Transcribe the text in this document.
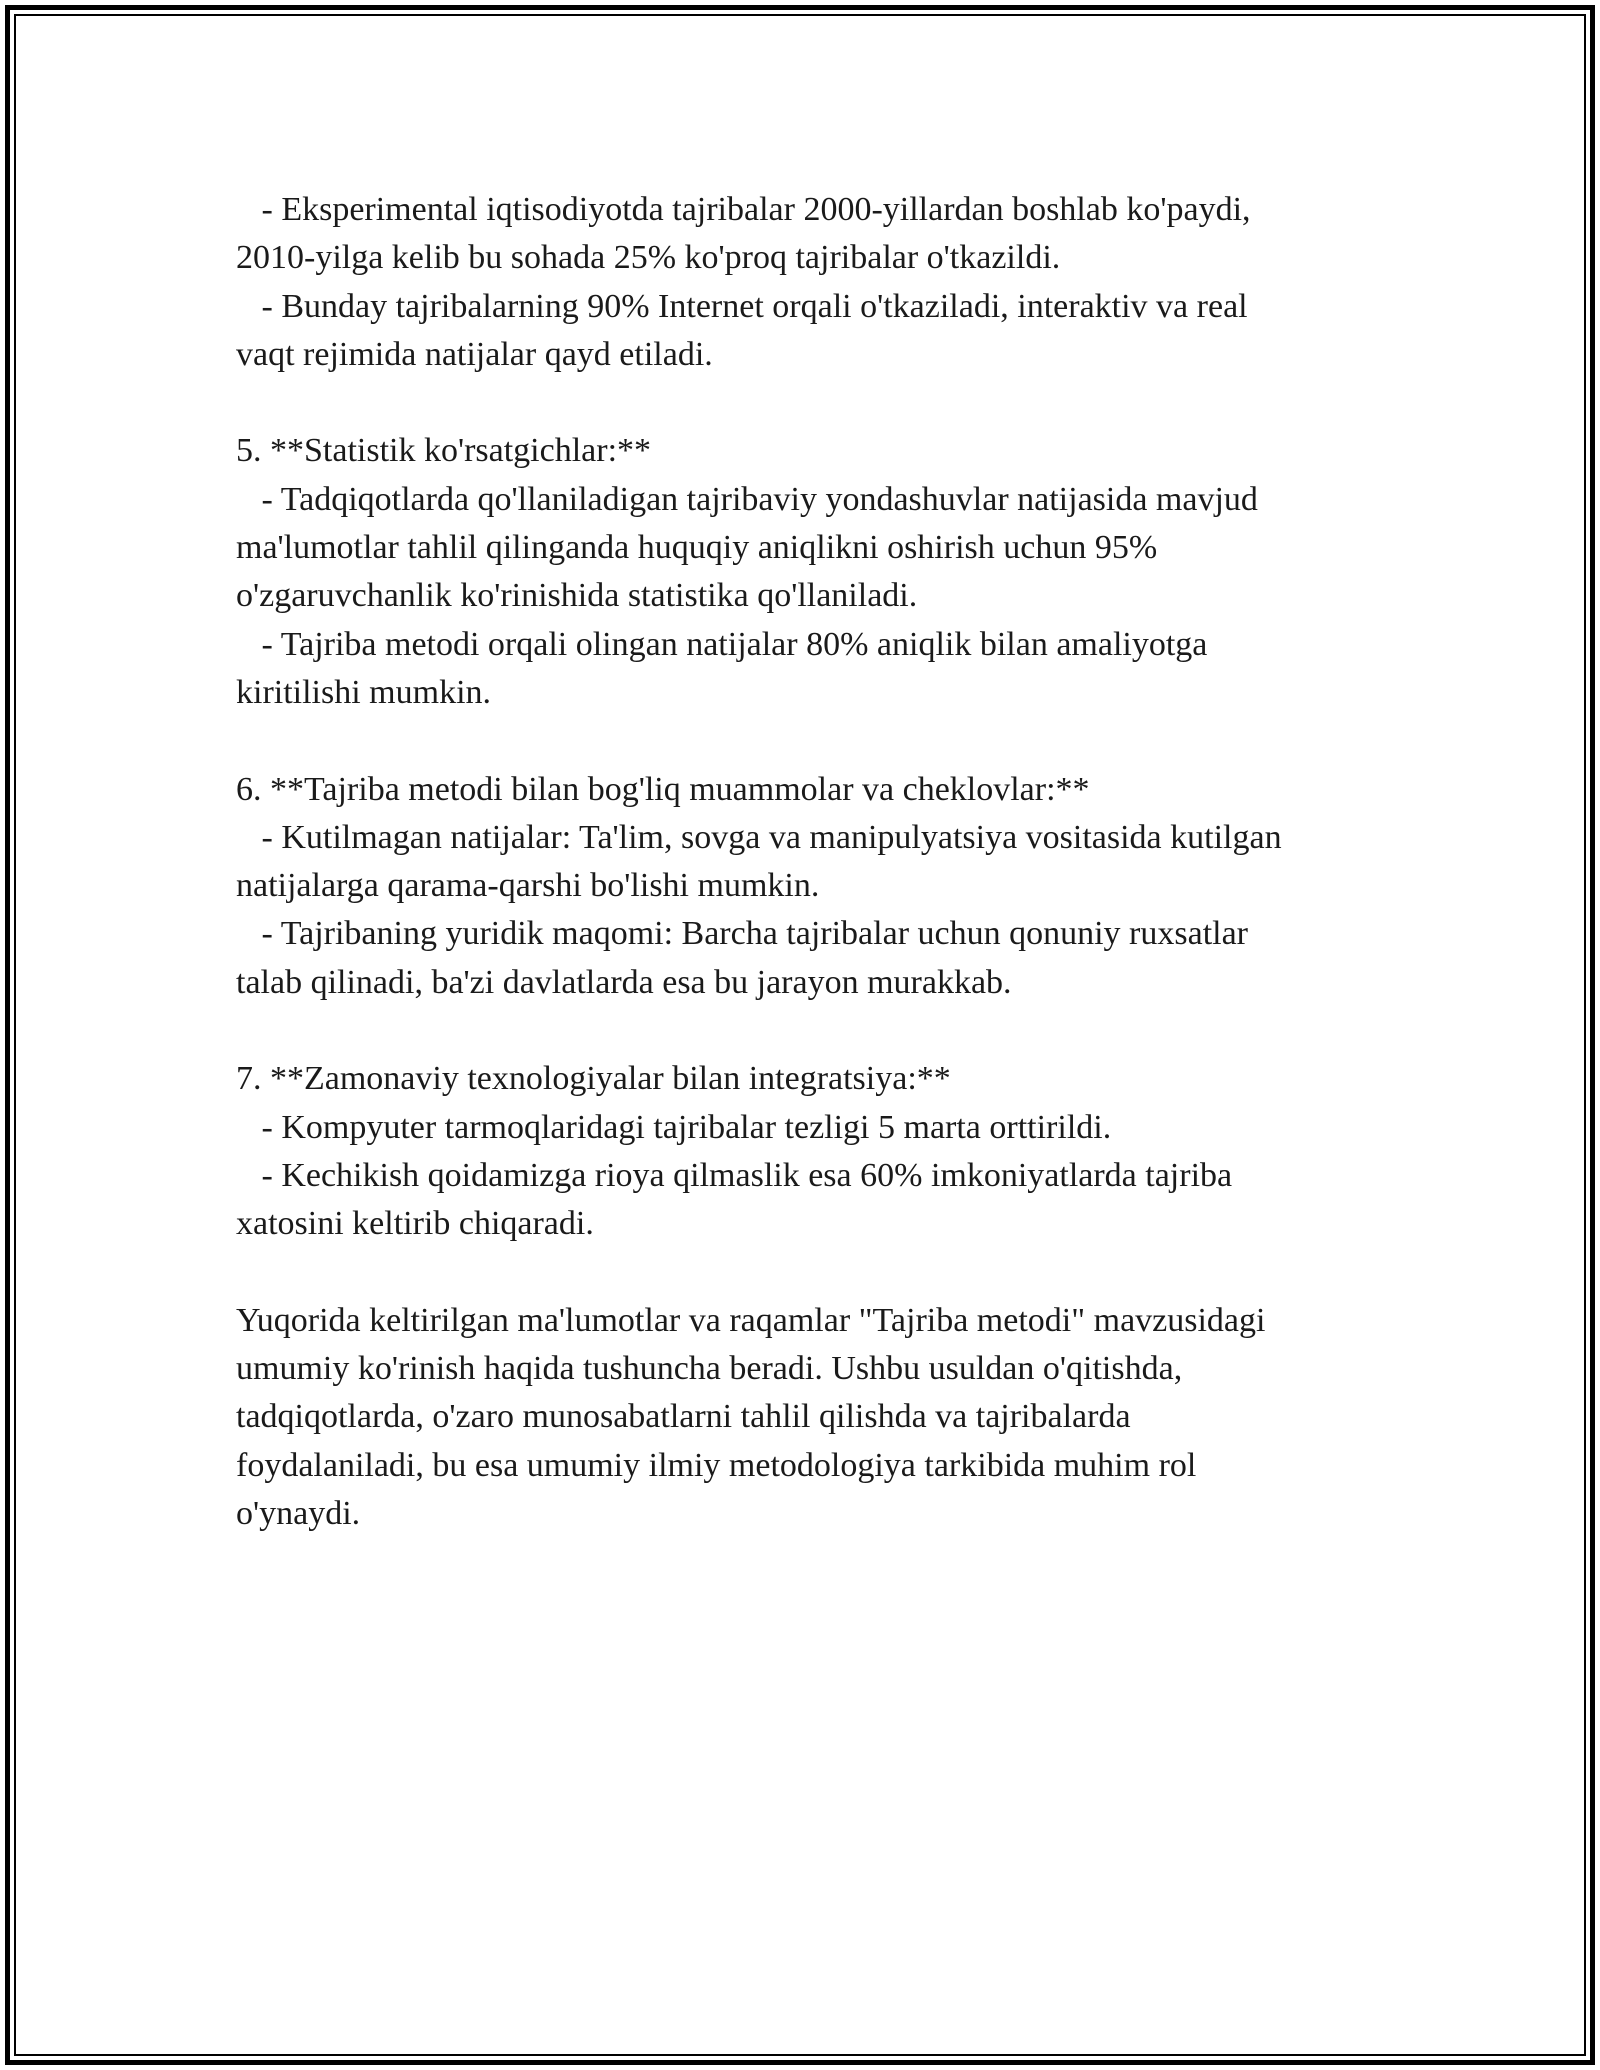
- Eksperimental iqtisodiyotda tajribalar 2000-yillardan boshlab ko'paydi,
2010-yilga kelib bu sohada 25% ko'proq tajribalar o'tkazildi.
- Bunday tajribalarning 90% Internet orqali o'tkaziladi, interaktiv va real
vaqt rejimida natijalar qayd etiladi.
5. **Statistik ko'rsatgichlar:**
- Tadqiqotlarda qo'llaniladigan tajribaviy yondashuvlar natijasida mavjud
ma'lumotlar tahlil qilinganda huquqiy aniqlikni oshirish uchun 95%
o'zgaruvchanlik ko'rinishida statistika qo'llaniladi.
- Tajriba metodi orqali olingan natijalar 80% aniqlik bilan amaliyotga
kiritilishi mumkin.
6. **Tajriba metodi bilan bog'liq muammolar va cheklovlar:**
- Kutilmagan natijalar: Ta'lim, sovga va manipulyatsiya vositasida kutilgan
natijalarga qarama-qarshi bo'lishi mumkin.
- Tajribaning yuridik maqomi: Barcha tajribalar uchun qonuniy ruxsatlar
talab qilinadi, ba'zi davlatlarda esa bu jarayon murakkab.
7. **Zamonaviy texnologiyalar bilan integratsiya:**
- Kompyuter tarmoqlaridagi tajribalar tezligi 5 marta orttirildi.
- Kechikish qoidamizga rioya qilmaslik esa 60% imkoniyatlarda tajriba
xatosini keltirib chiqaradi.
Yuqorida keltirilgan ma'lumotlar va raqamlar "Tajriba metodi" mavzusidagi
umumiy ko'rinish haqida tushuncha beradi. Ushbu usuldan o'qitishda,
tadqiqotlarda, o'zaro munosabatlarni tahlil qilishda va tajribalarda
foydalaniladi, bu esa umumiy ilmiy metodologiya tarkibida muhim rol
o'ynaydi.
